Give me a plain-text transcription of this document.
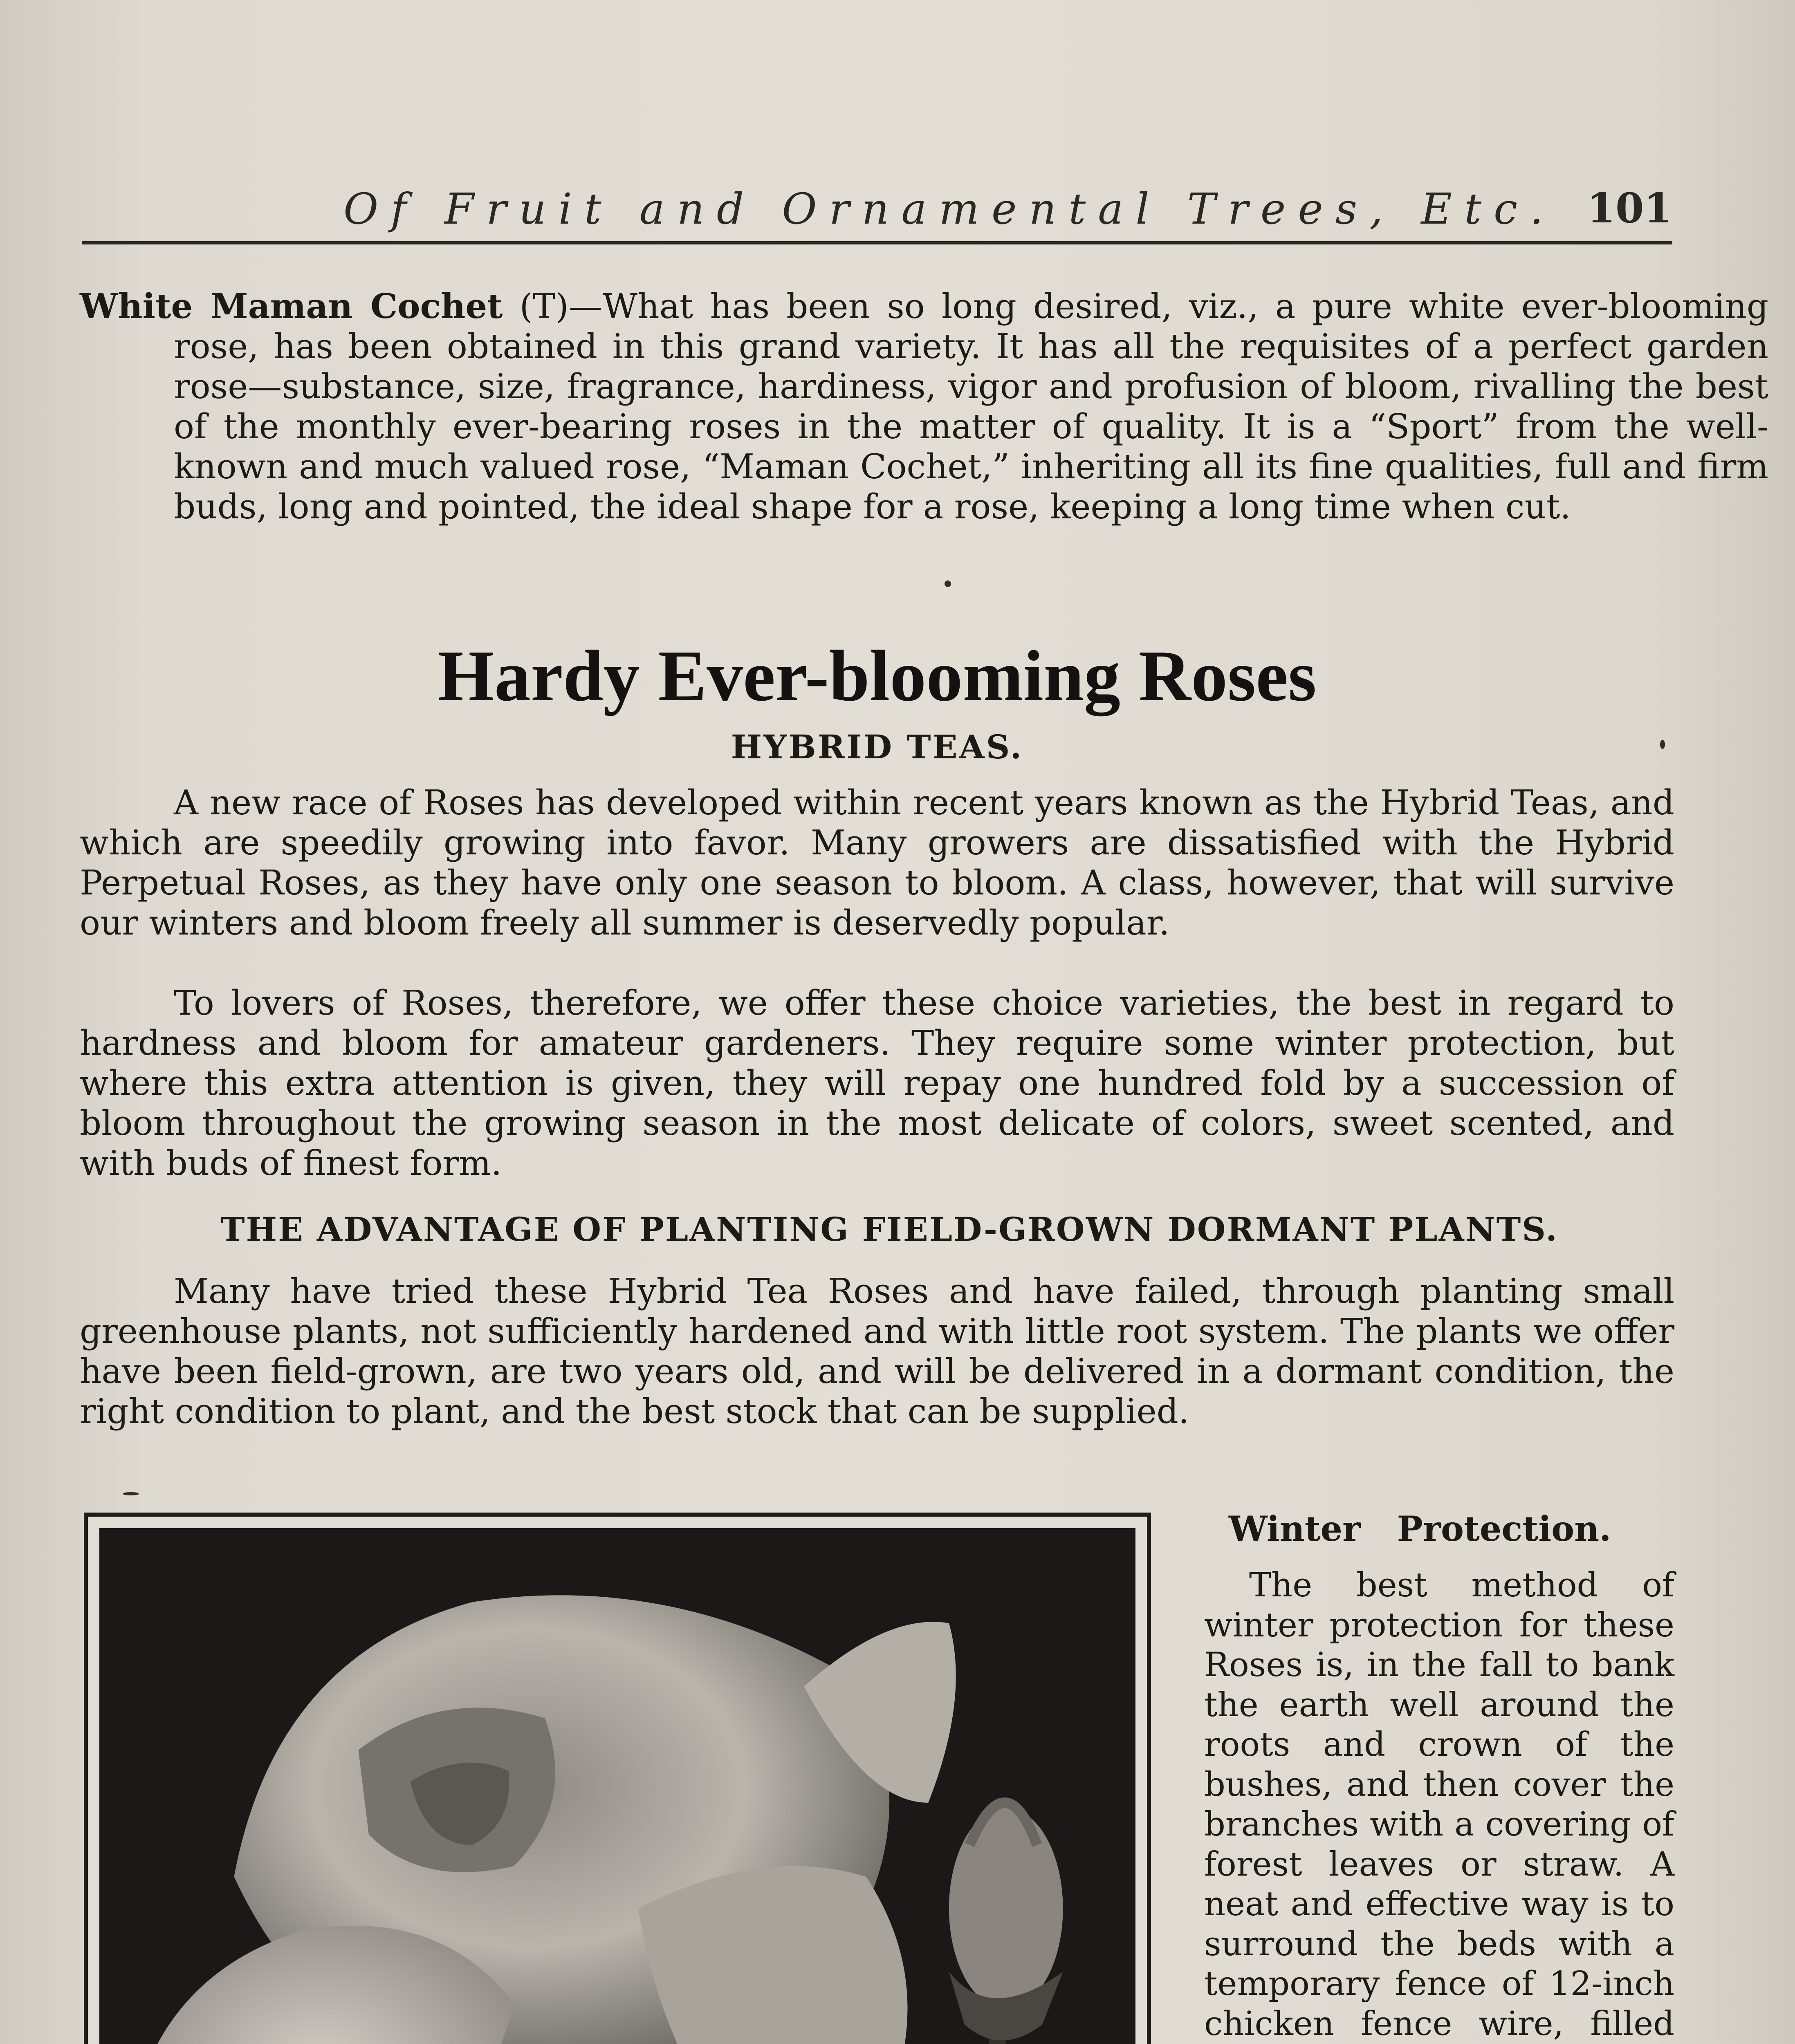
Of Fruit and Ornamental Trees, Etc. 101

White Maman Cochet (T)—What has been so long desired, viz., a pure white ever-blooming rose, has been obtained in this grand variety. It has all the requisites of a perfect garden rose—substance, size, fragrance, hardiness, vigor and profusion of bloom, rivalling the best of the monthly ever-bearing roses in the matter of quality. It is a “Sport” from the well-known and much valued rose, “Maman Cochet,” inheriting all its fine qualities, full and firm buds, long and pointed, the ideal shape for a rose, keeping a long time when cut.

Hardy Ever-blooming Roses
HYBRID TEAS.

A new race of Roses has developed within recent years known as the Hybrid Teas, and which are speedily growing into favor. Many growers are dissatisfied with the Hybrid Perpetual Roses, as they have only one season to bloom. A class, however, that will survive our winters and bloom freely all summer is deservedly popular.

To lovers of Roses, therefore, we offer these choice varieties, the best in regard to hardness and bloom for amateur gardeners. They require some winter protection, but where this extra attention is given, they will repay one hundred fold by a succession of bloom throughout the growing season in the most delicate of colors, sweet scented, and with buds of finest form.

THE ADVANTAGE OF PLANTING FIELD-GROWN DORMANT PLANTS.

Many have tried these Hybrid Tea Roses and have failed, through planting small greenhouse plants, not sufficiently hardened and with little root system. The plants we offer have been field-grown, are two years old, and will be delivered in a dormant condition, the right condition to plant, and the best stock that can be supplied.

Winter Protection.

The best method of winter protection for these Roses is, in the fall to bank the earth well around the roots and crown of the bushes, and then cover the branches with a covering of forest leaves or straw. A neat and effective way is to surround the beds with a temporary fence of 12-inch chicken fence wire, filled
